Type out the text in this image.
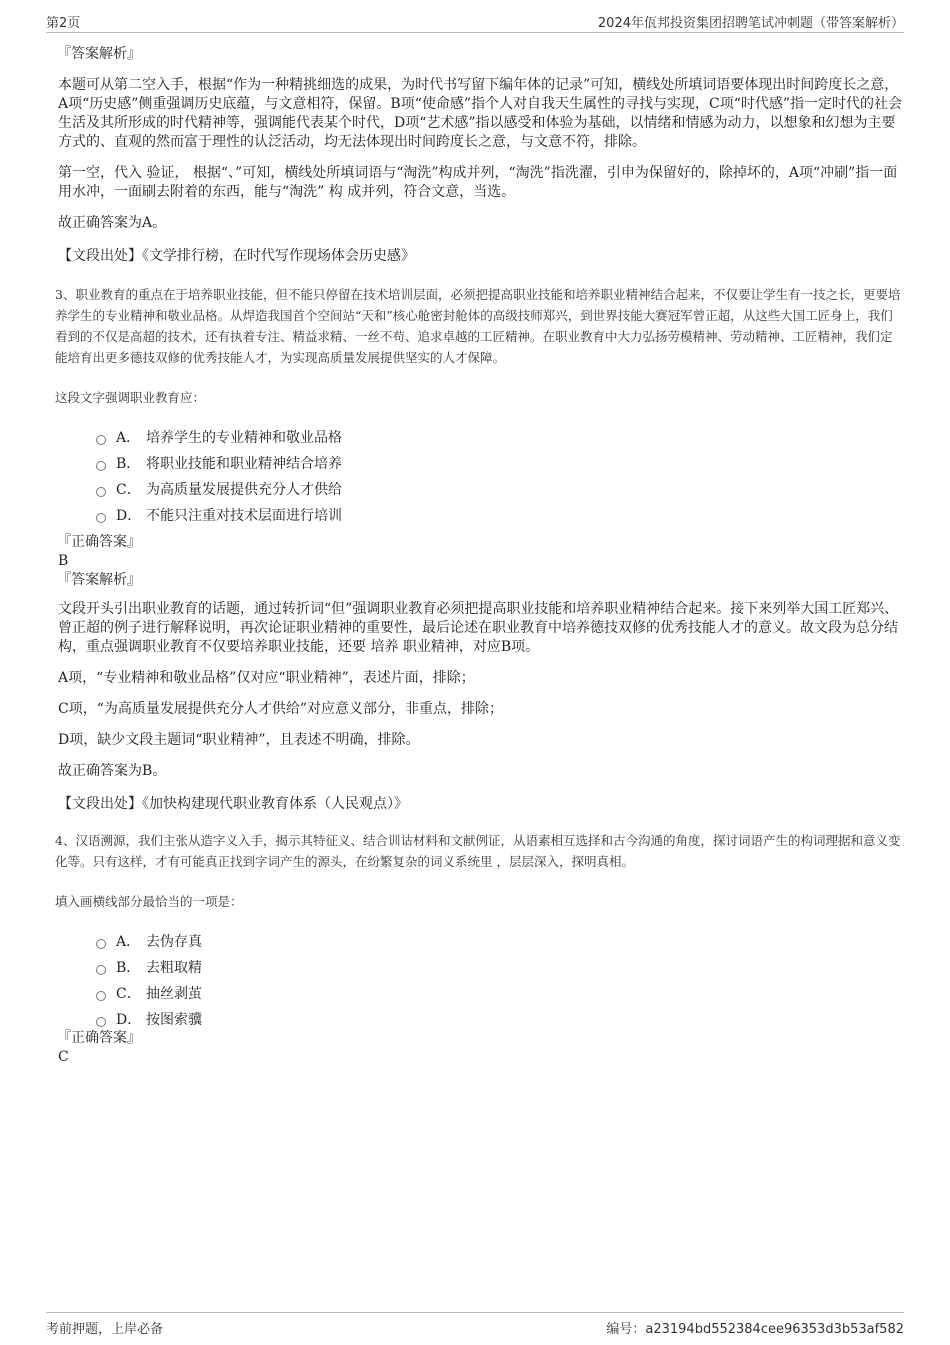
第2页	2024年佤邦投资集团招聘笔试冲刺题（带答案解析）
『答案解析』

本题可从第二空入手，根据“作为一种精挑细选的成果，为时代书写留下编年体的记录”可知，横线处所填词语要体现出时间跨度长之意，A项“历史感”侧重强调历史底蕴，与文意相符，保留。B项“使命感”指个人对自我天生属性的寻找与实现，C项“时代感”指一定时代的社会生活及其所形成的时代精神等，强调能代表某个时代，D项“艺术感”指以感受和体验为基础，以情绪和情感为动力，以想象和幻想为主要方式的、直观的然而富于理性的认泛活动，均无法体现出时间跨度长之意，与文意不符，排除。

第一空，代入 验证， 根据“、”可知，横线处所填词语与“淘洗”构成并列，“淘洗”指洗濯，引申为保留好的，除掉坏的，A项“冲刷”指一面用水冲，一面刷去附着的东西，能与“淘洗” 构 成并列，符合文意，当选。

故正确答案为A。

【文段出处】《文学排行榜，在时代写作现场体会历史感》

3、职业教育的重点在于培养职业技能，但不能只停留在技术培训层面，必须把提高职业技能和培养职业精神结合起来，不仅要让学生有一技之长，更要培养学生的专业精神和敬业品格。从焊造我国首个空间站“天和”核心舱密封舱体的高级技师郑兴，到世界技能大赛冠军曾正超，从这些大国工匠身上，我们看到的不仅是高超的技术，还有执着专注、精益求精、一丝不苟、追求卓越的工匠精神。在职业教育中大力弘扬劳模精神、劳动精神、工匠精神，我们定能培育出更多德技双修的优秀技能人才，为实现高质量发展提供坚实的人才保障。

这段文字强调职业教育应：

A． 培养学生的专业精神和敬业品格
B． 将职业技能和职业精神结合培养
C． 为高质量发展提供充分人才供给
D． 不能只注重对技术层面进行培训
『正确答案』
B
『答案解析』

文段开头引出职业教育的话题，通过转折词“但”强调职业教育必须把提高职业技能和培养职业精神结合起来。接下来列举大国工匠郑兴、曾正超的例子进行解释说明，再次论证职业精神的重要性，最后论述在职业教育中培养德技双修的优秀技能人才的意义。故文段为总分结构，重点强调职业教育不仅要培养职业技能，还要 培养 职业精神，对应B项。

A项，“专业精神和敬业品格”仅对应“职业精神”，表述片面，排除；

C项，“为高质量发展提供充分人才供给”对应意义部分，非重点，排除；

D项，缺少文段主题词“职业精神”，且表述不明确，排除。

故正确答案为B。

【文段出处】《加快构建现代职业教育体系（人民观点）》

4、汉语溯源，我们主张从造字义入手，揭示其特征义、结合训诂材料和文献例证，从语素相互选择和古今沟通的角度，探讨词语产生的构词理据和意义变化等。只有这样，才有可能真正找到字词产生的源头，在纷繁复杂的词义系统里 ，层层深入，探明真相。

填入画横线部分最恰当的一项是：

A． 去伪存真
B． 去粗取精
C． 抽丝剥茧
D． 按图索骥
『正确答案』
C
考前押题，上岸必备	编号：a23194bd552384cee96353d3b53af582
